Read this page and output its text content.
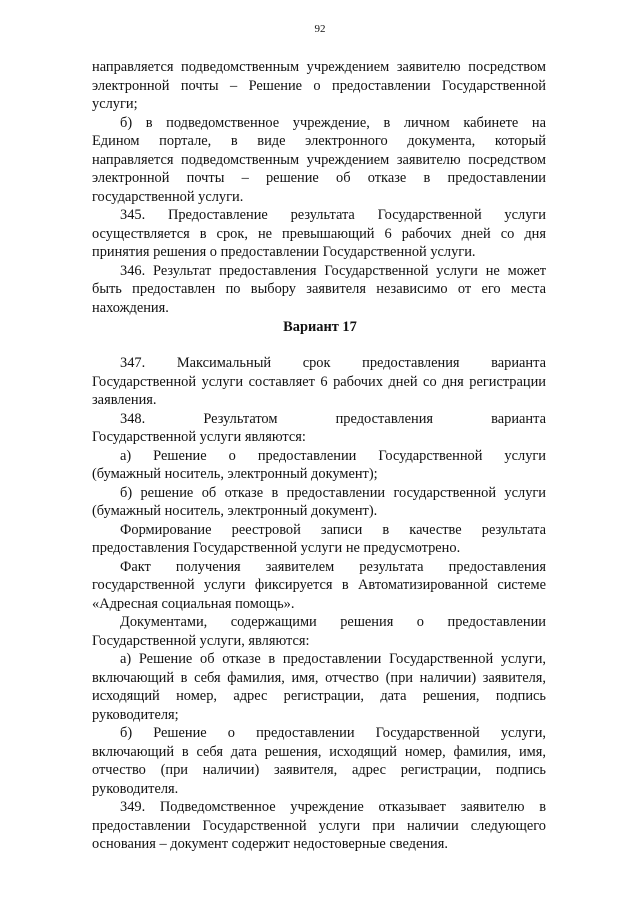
92
направляется подведомственным учреждением заявителю посредством
электронной почты – Решение о предоставлении Государственной
услуги;
б) в подведомственное учреждение, в личном кабинете на
Едином портале, в виде электронного документа, который
направляется подведомственным учреждением заявителю посредством
электронной почты – решение об отказе в предоставлении
государственной услуги.
345. Предоставление результата Государственной услуги
осуществляется в срок, не превышающий 6 рабочих дней со дня
принятия решения о предоставлении Государственной услуги.
346. Результат предоставления Государственной услуги не может
быть предоставлен по выбору заявителя независимо от его места
нахождения.
Вариант 17
347. Максимальный срок предоставления варианта
Государственной услуги составляет 6 рабочих дней со дня регистрации
заявления.
348. Результатом предоставления варианта
Государственной услуги являются:
а) Решение о предоставлении Государственной услуги
(бумажный носитель, электронный документ);
б) решение об отказе в предоставлении государственной услуги
(бумажный носитель, электронный документ).
Формирование реестровой записи в качестве результата
предоставления Государственной услуги не предусмотрено.
Факт получения заявителем результата предоставления
государственной услуги фиксируется в Автоматизированной системе
«Адресная социальная помощь».
Документами, содержащими решения о предоставлении
Государственной услуги, являются:
а) Решение об отказе в предоставлении Государственной услуги,
включающий в себя фамилия, имя, отчество (при наличии) заявителя,
исходящий номер, адрес регистрации, дата решения, подпись
руководителя;
б) Решение о предоставлении Государственной услуги,
включающий в себя дата решения, исходящий номер, фамилия, имя,
отчество (при наличии) заявителя, адрес регистрации, подпись
руководителя.
349. Подведомственное учреждение отказывает заявителю в
предоставлении Государственной услуги при наличии следующего
основания – документ содержит недостоверные сведения.
